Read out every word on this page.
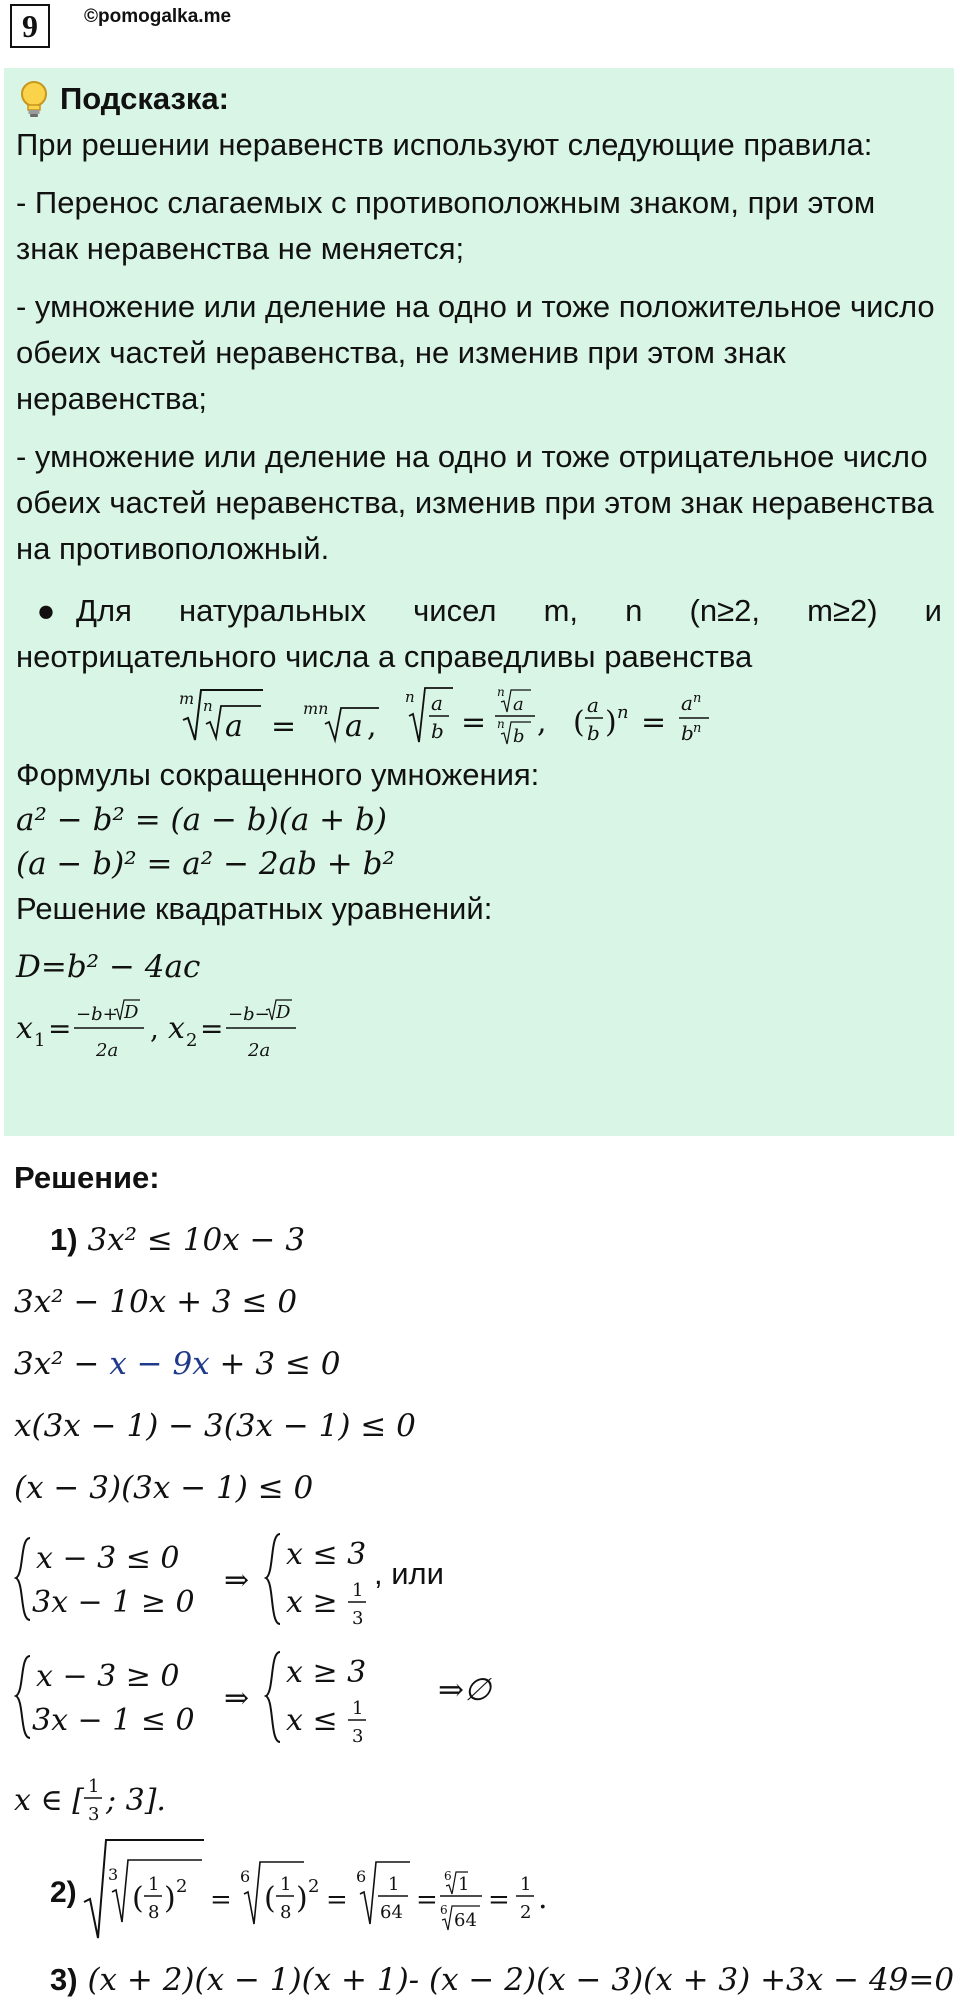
9	©pomogalka.me

Подсказка:

При решении неравенств используют следующие правила:

- Перенос слагаемых с противоположным знаком, при этом знак неравенства не меняется;

- умножение или деление на одно и тоже положительное число обеих частей неравенства, не изменив при этом знак неравенства;

- умножение или деление на одно и тоже отрицательное число обеих частей неравенства, изменив при этом знак неравенства на противоположный.

● Для натуральных чисел m, n (n≥2, m≥2) и

неотрицательного числа a справедливы равенства

m n
a =
mn
a ,
n a
b =
n
a
n
b , ( a
b ) n =
a n
b n

Формулы сокращенного умножения:

a² − b² = (a − b)(a + b)

(a − b)² = a² − 2ab + b²

Решение квадратных уравнений:

D=b² − 4ac

x 1 = −b+ D
2a
, x 2 = −b− D
2a
Решение:
1) 3x² ≤ 10x − 3
3x² − 10x + 3 ≤ 0
3x² − x − 9x + 3 ≤ 0
x(3x − 1) − 3(3x − 1) ≤ 0
(x − 3)(3x − 1) ≤ 0
x − 3 ≤ 0
3x − 1 ≥ 0
⇒
x ≤ 3
x ≥ 1
3
, или
x − 3 ≥ 0
3x − 1 ≤ 0
⇒
x ≥ 3
x ≤ 1
3
⇒∅
x ∈ [ 1
3 ; 3].
2)
3
( 1
8 ) 2 =
6
( 1
8 ) 2 =
6 1
64 =
6 1
6 64
=
1
2 .
3) (x + 2)(x − 1)(x + 1)- (x − 2)(x − 3)(x + 3) +3x − 49=0
